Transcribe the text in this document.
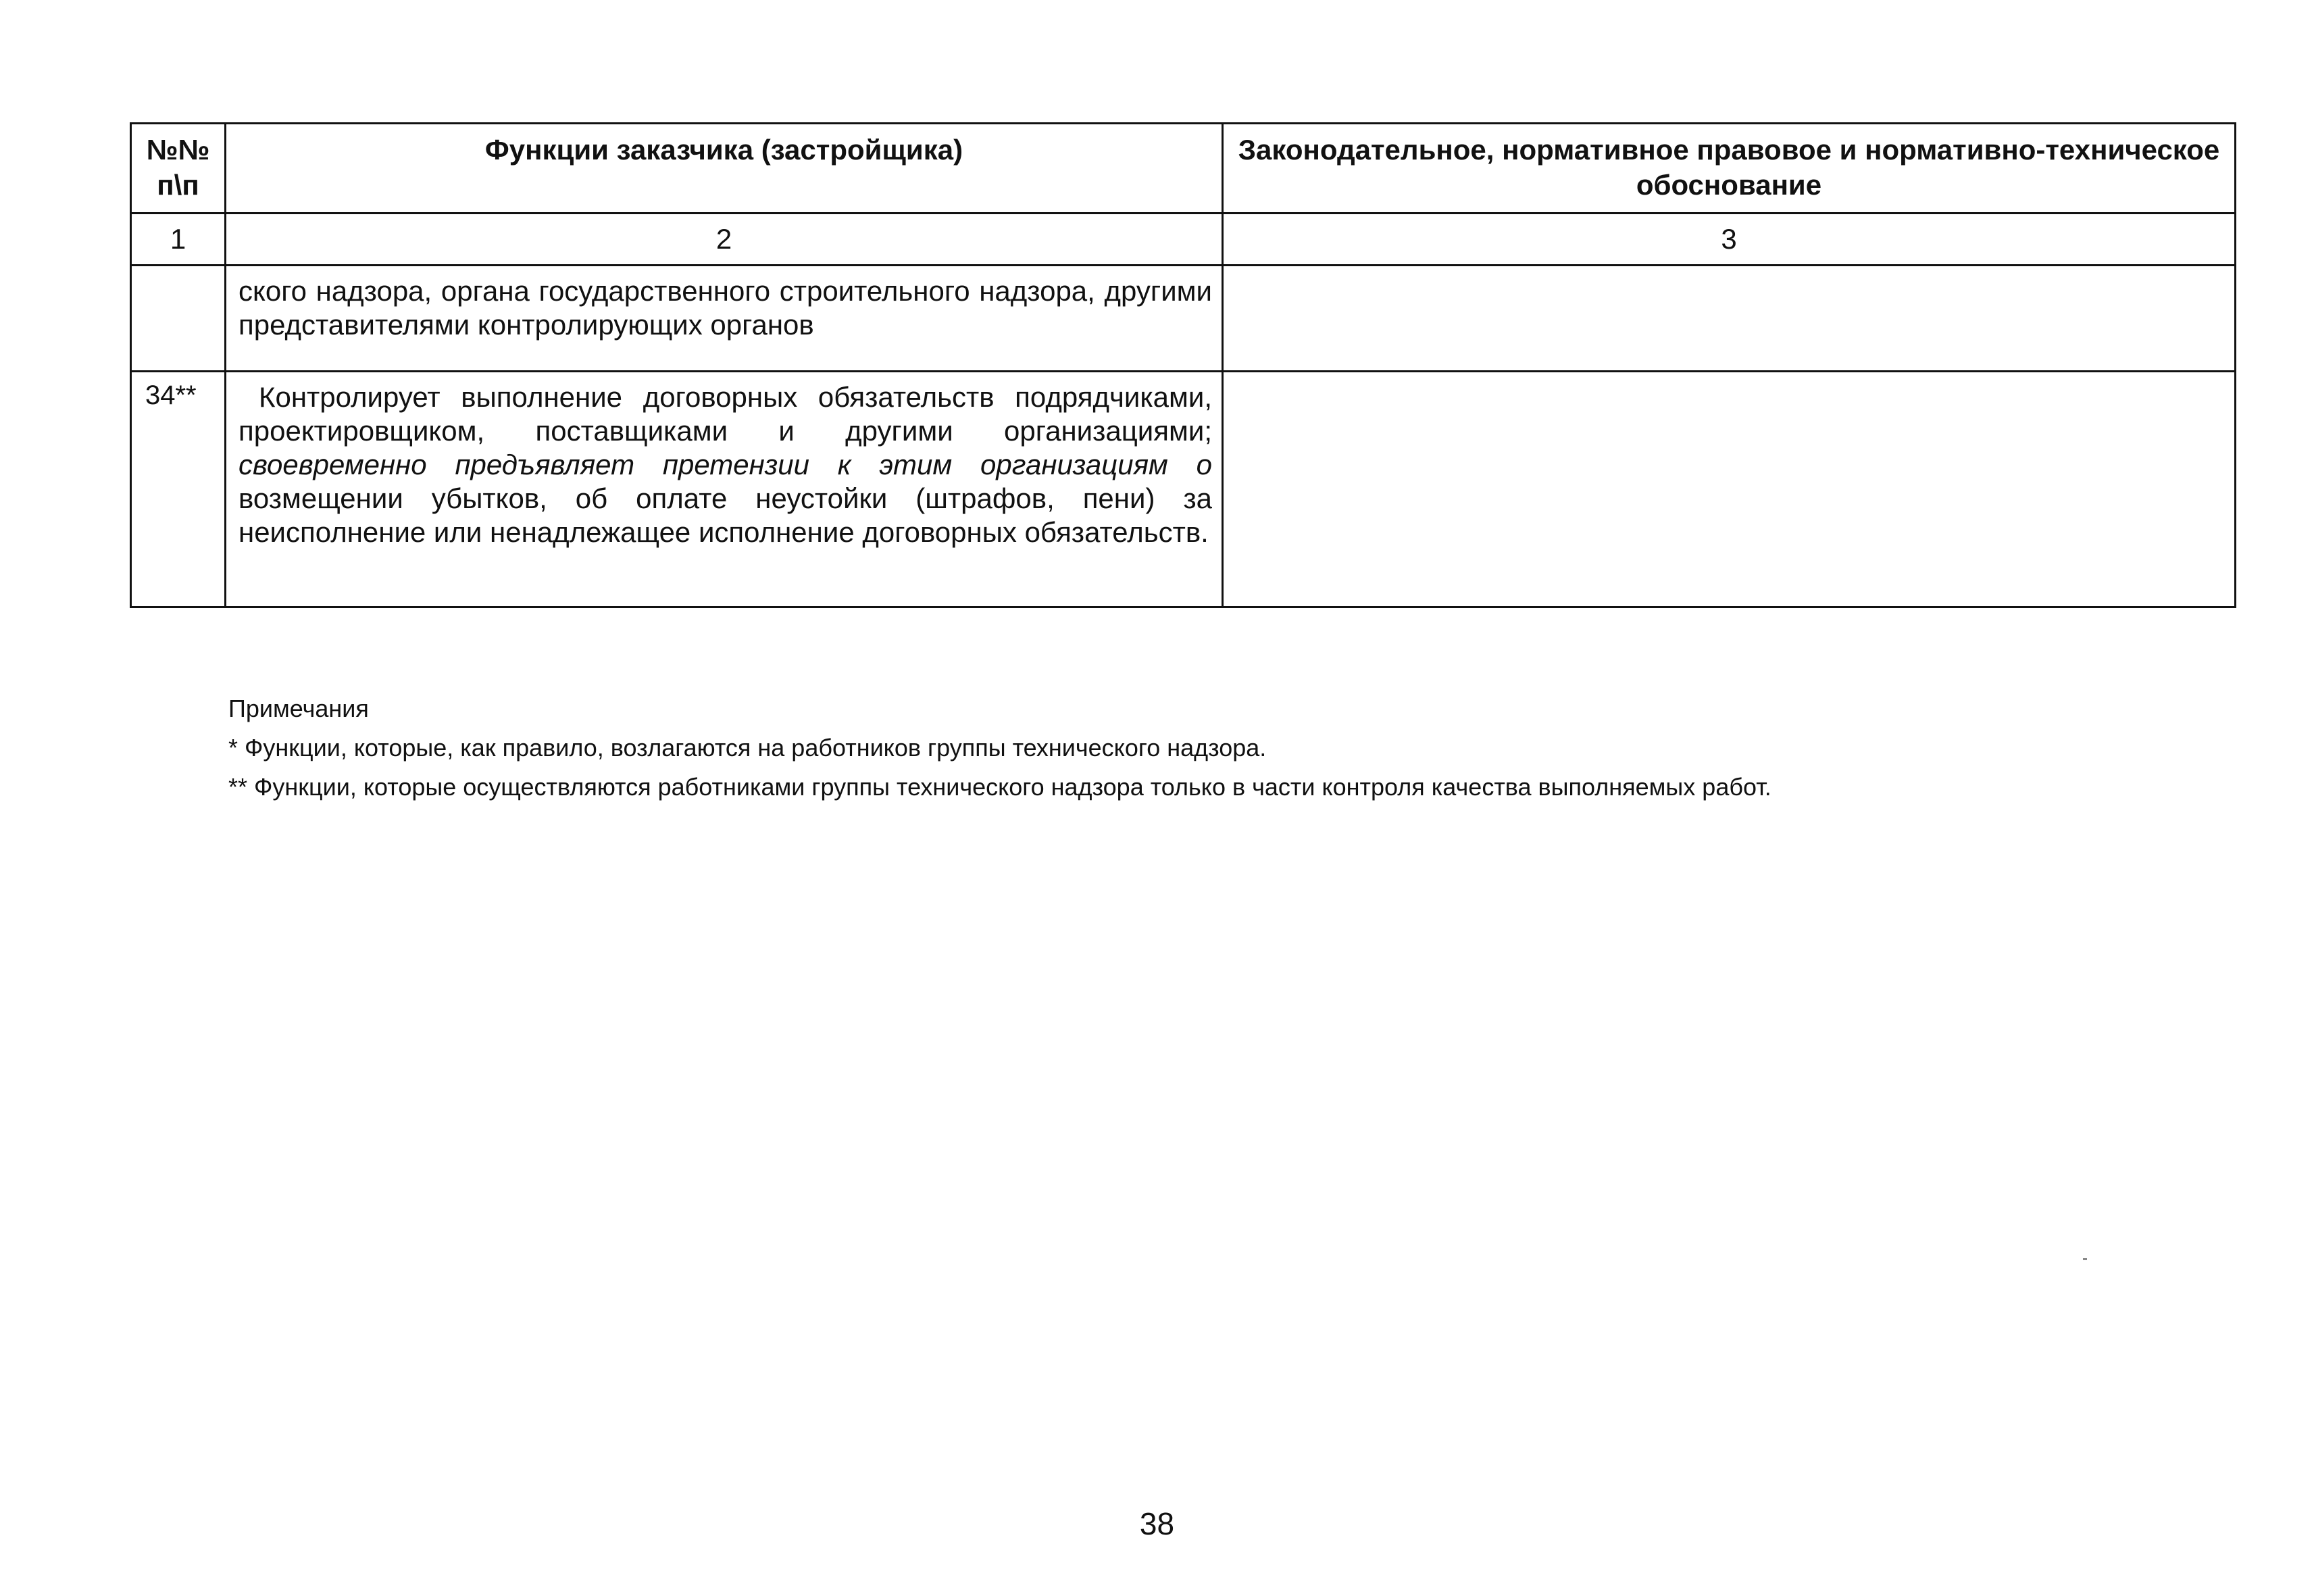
№№ п\п	Функции заказчика (застройщика)	Законодательное, нормативное правовое и нормативно-техническое обоснование
1	2	3
	ского надзора, органа государственного строительного надзора, другими представителями контролирующих органов	
34**	Контролирует выполнение договорных обязательств подрядчиками, проектировщиком, поставщиками и другими организациями; своевременно предъявляет претензии к этим организациям о возмещении убытков, об оплате неустойки (штрафов, пени) за неисполнение или ненадлежащее исполнение договорных обязательств.	
Примечания
* Функции, которые, как правило, возлагаются на работников группы технического надзора.
** Функции, которые осуществляются работниками группы технического надзора только в части контроля качества выполняемых работ.
38
